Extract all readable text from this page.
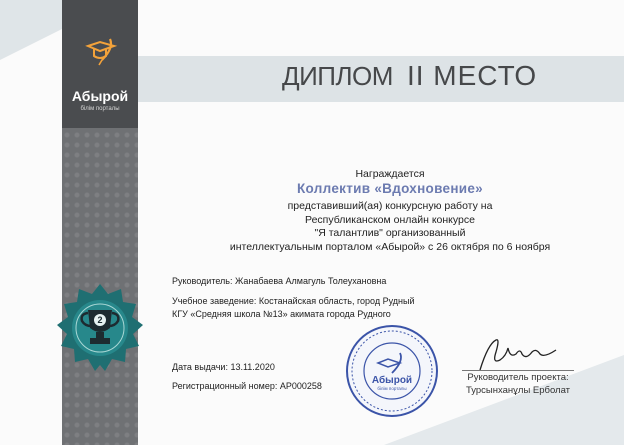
Абырой
білім порталы
2
ДИПЛОМ II МЕСТО
Награждается
Коллектив «Вдохновение»
представивший(ая) конкурсную работу на
Республиканском онлайн конкурсе
"Я талантлив" организованный
интеллектуальным порталом «Абырой» с 26 октября по 6 ноября
Руководитель: Жанабаева Алмагуль Толеухановна
Учебное заведение: Костанайская область, город Рудный
КГУ «Средняя школа №13» акимата города Рудного
Дата выдачи: 13.11.2020
Регистрационный номер: АР000258	Абырой
білім порталы
Руководитель проекта:
Турсынханұлы Ерболат
